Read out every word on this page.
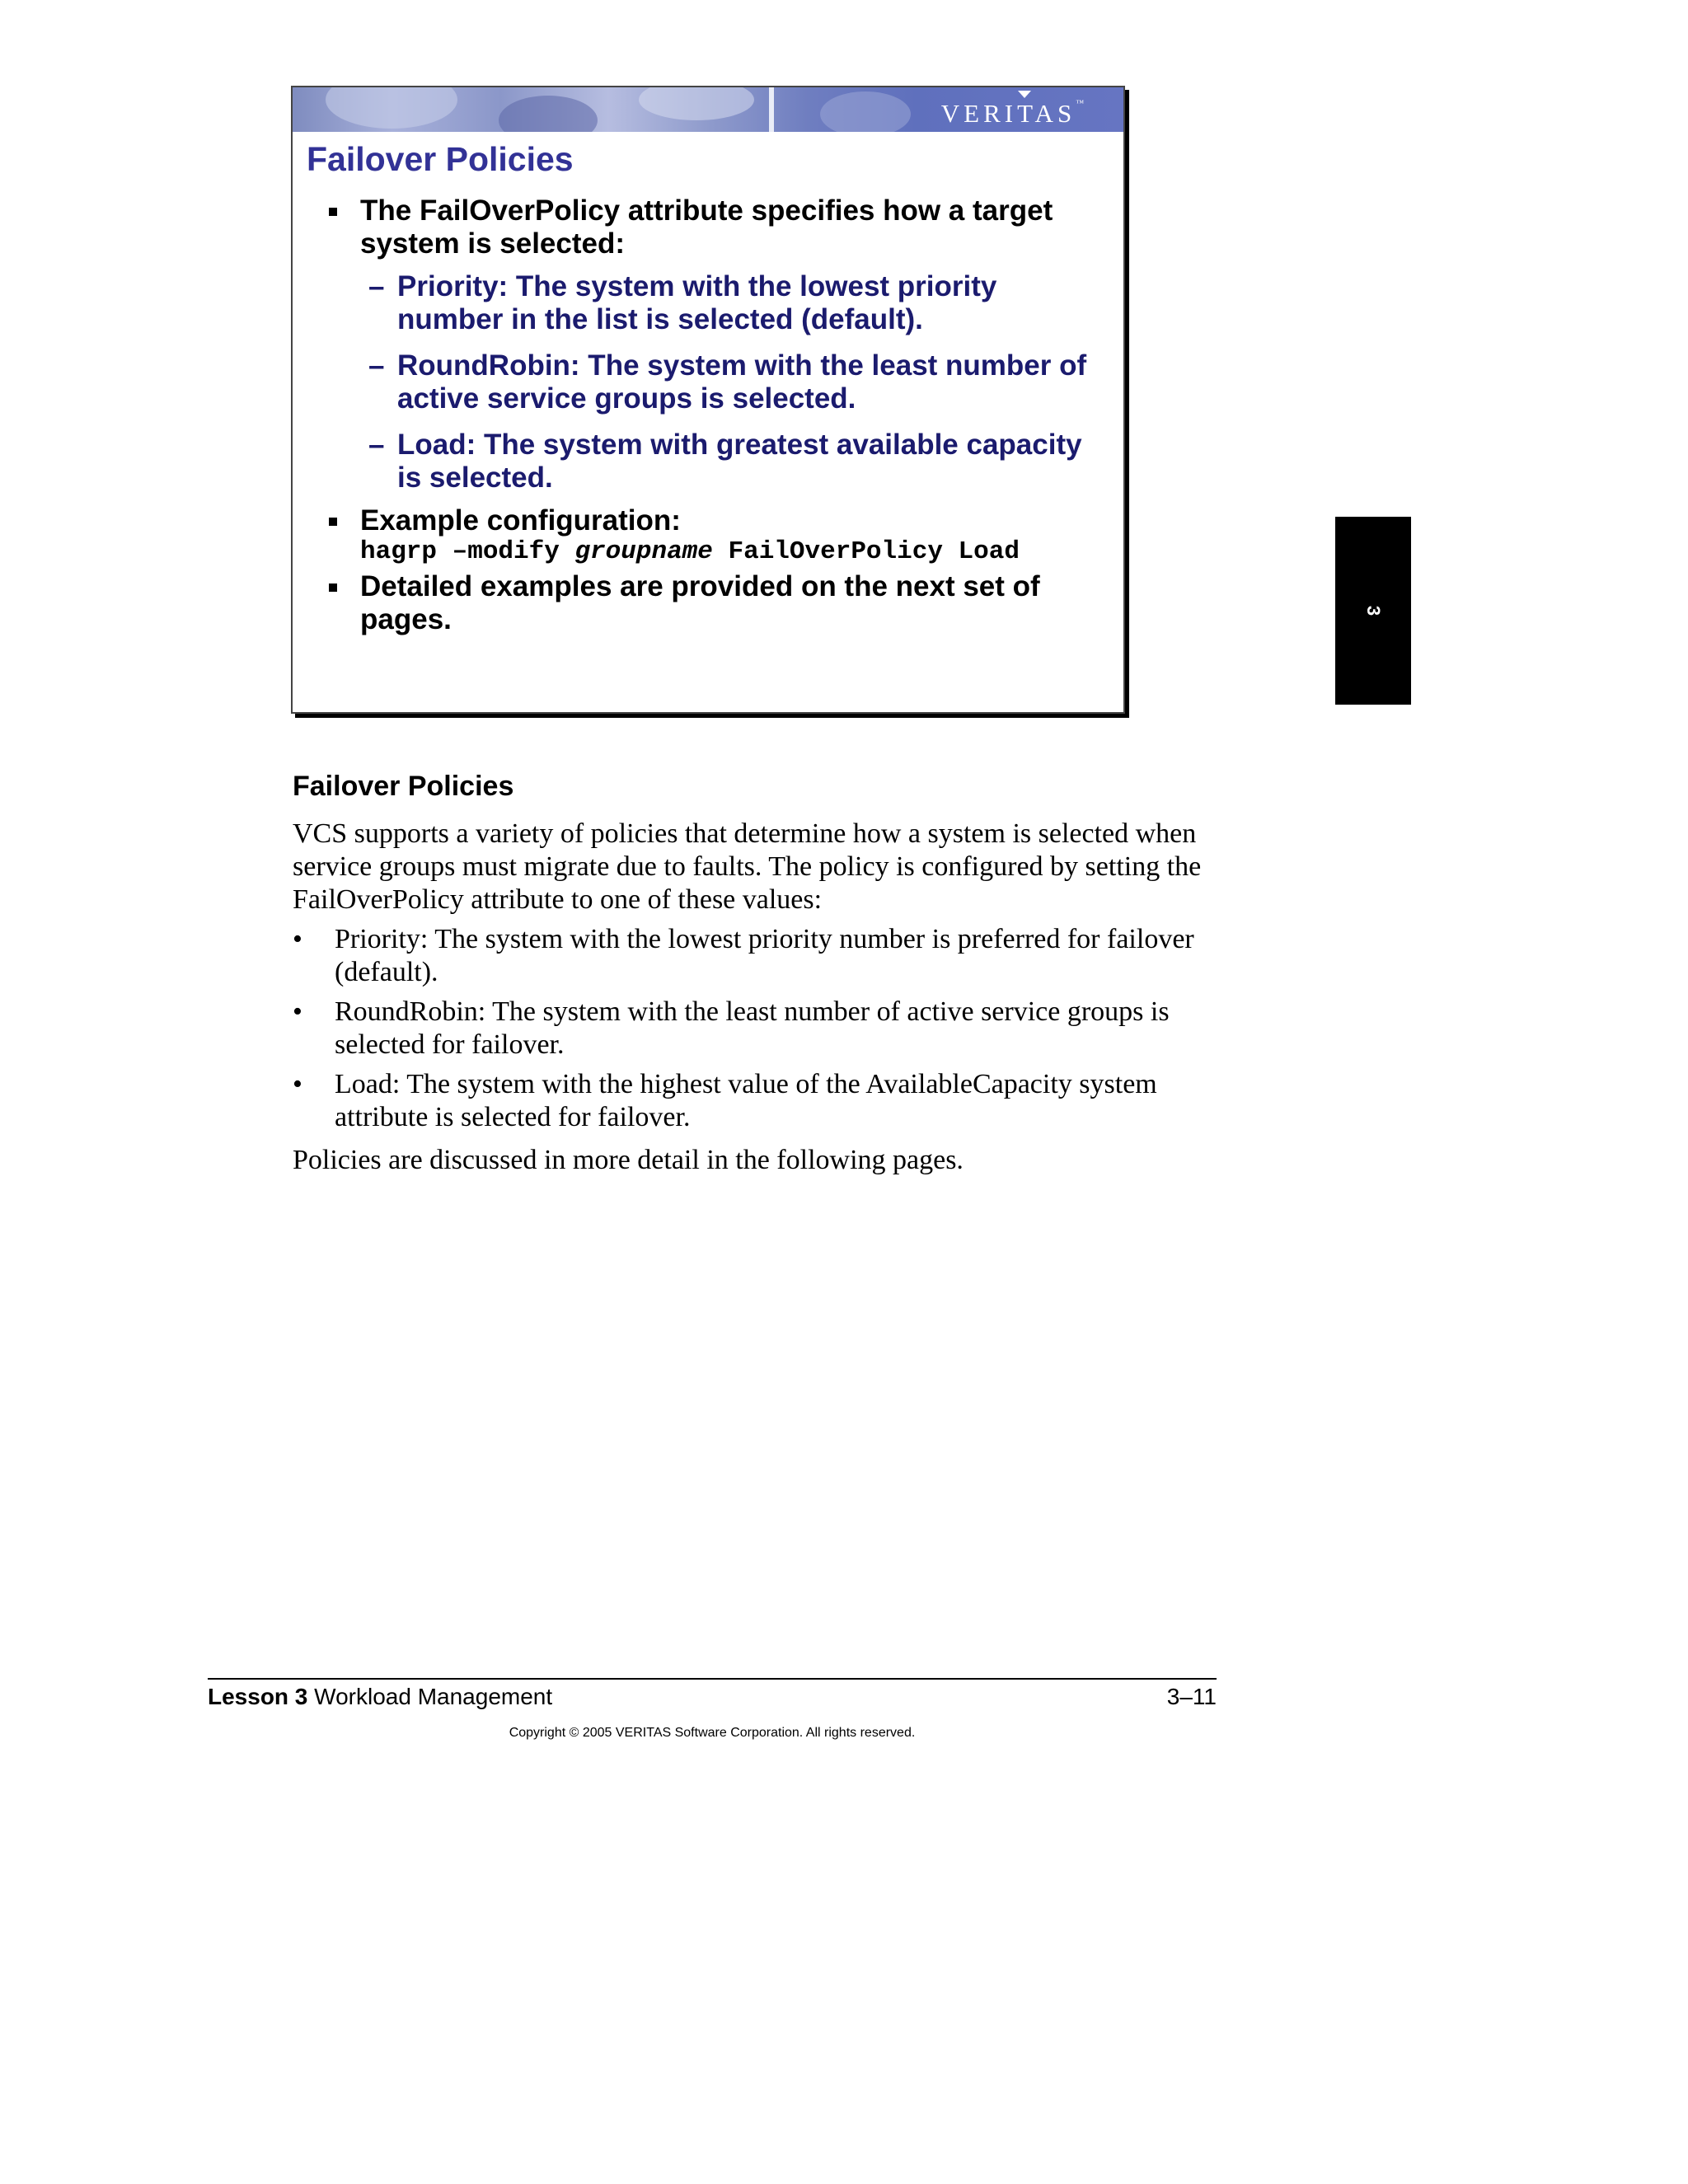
VERITAS™
Failover Policies

The FailOverPolicy attribute specifies how a target system is selected:

– Priority: The system with the lowest priority number in the list is selected (default).

– RoundRobin: The system with the least number of active service groups is selected.

– Load: The system with greatest available capacity is selected.

Example configuration:

hagrp –modify groupname FailOverPolicy Load

Detailed examples are provided on the next set of pages.	3
Failover Policies

VCS supports a variety of policies that determine how a system is selected when service groups must migrate due to faults. The policy is configured by setting the FailOverPolicy attribute to one of these values:

• Priority: The system with the lowest priority number is preferred for failover (default).
• RoundRobin: The system with the least number of active service groups is selected for failover.
• Load: The system with the highest value of the AvailableCapacity system attribute is selected for failover.

Policies are discussed in more detail in the following pages.

Lesson 3 Workload Management	3–11
Copyright © 2005 VERITAS Software Corporation. All rights reserved.
